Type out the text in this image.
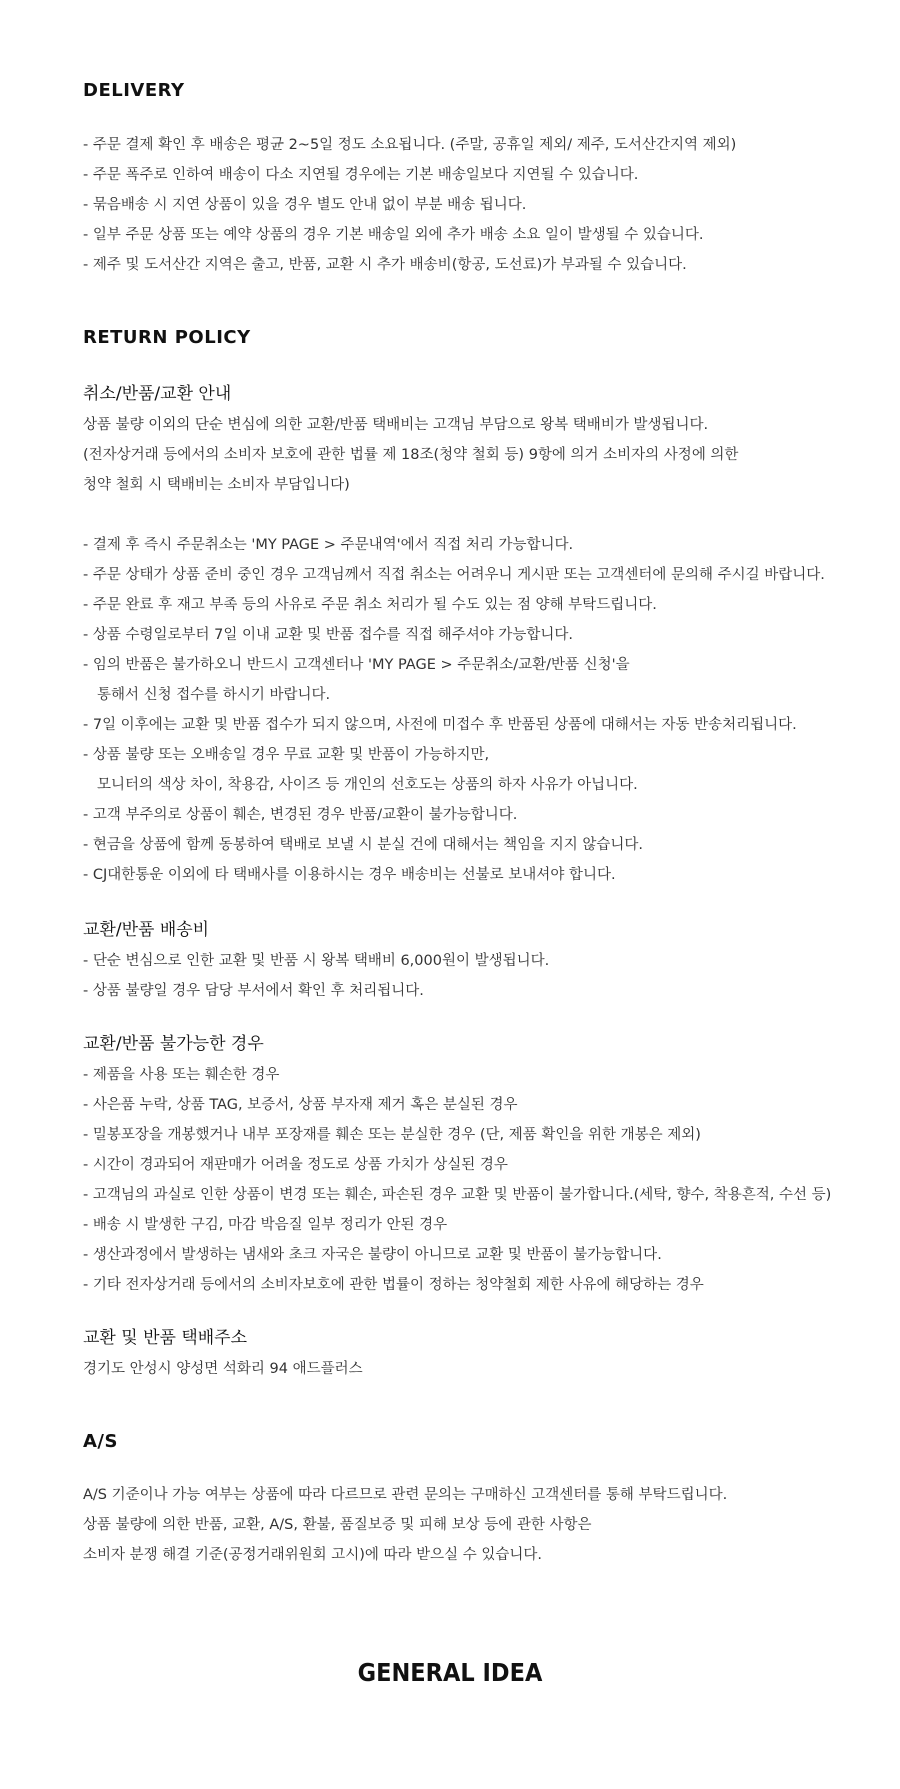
DELIVERY
- 주문 결제 확인 후 배송은 평균 2~5일 정도 소요됩니다. (주말, 공휴일 제외/ 제주, 도서산간지역 제외)
- 주문 폭주로 인하여 배송이 다소 지연될 경우에는 기본 배송일보다 지연될 수 있습니다.
- 묶음배송 시 지연 상품이 있을 경우 별도 안내 없이 부분 배송 됩니다.
- 일부 주문 상품 또는 예약 상품의 경우 기본 배송일 외에 추가 배송 소요 일이 발생될 수 있습니다.
- 제주 및 도서산간 지역은 출고, 반품, 교환 시 추가 배송비(항공, 도선료)가 부과될 수 있습니다.
RETURN POLICY
취소/반품/교환 안내
상품 불량 이외의 단순 변심에 의한 교환/반품 택배비는 고객님 부담으로 왕복 택배비가 발생됩니다.
(전자상거래 등에서의 소비자 보호에 관한 법률 제 18조(청약 철회 등) 9항에 의거 소비자의 사정에 의한
청약 철회 시 택배비는 소비자 부담입니다)
- 결제 후 즉시 주문취소는 'MY PAGE > 주문내역'에서 직접 처리 가능합니다.
- 주문 상태가 상품 준비 중인 경우 고객님께서 직접 취소는 어려우니 게시판 또는 고객센터에 문의해 주시길 바랍니다.
- 주문 완료 후 재고 부족 등의 사유로 주문 취소 처리가 될 수도 있는 점 양해 부탁드립니다.
- 상품 수령일로부터 7일 이내 교환 및 반품 접수를 직접 해주셔야 가능합니다.
- 임의 반품은 불가하오니 반드시 고객센터나 'MY PAGE > 주문취소/교환/반품 신청'을
통해서 신청 접수를 하시기 바랍니다.
- 7일 이후에는 교환 및 반품 접수가 되지 않으며, 사전에 미접수 후 반품된 상품에 대해서는 자동 반송처리됩니다.
- 상품 불량 또는 오배송일 경우 무료 교환 및 반품이 가능하지만,
모니터의 색상 차이, 착용감, 사이즈 등 개인의 선호도는 상품의 하자 사유가 아닙니다.
- 고객 부주의로 상품이 훼손, 변경된 경우 반품/교환이 불가능합니다.
- 현금을 상품에 함께 동봉하여 택배로 보낼 시 분실 건에 대해서는 책임을 지지 않습니다.
- CJ대한통운 이외에 타 택배사를 이용하시는 경우 배송비는 선불로 보내셔야 합니다.
교환/반품 배송비
- 단순 변심으로 인한 교환 및 반품 시 왕복 택배비 6,000원이 발생됩니다.
- 상품 불량일 경우 담당 부서에서 확인 후 처리됩니다.
교환/반품 불가능한 경우
- 제품을 사용 또는 훼손한 경우
- 사은품 누락, 상품 TAG, 보증서, 상품 부자재 제거 혹은 분실된 경우
- 밀봉포장을 개봉했거나 내부 포장재를 훼손 또는 분실한 경우 (단, 제품 확인을 위한 개봉은 제외)
- 시간이 경과되어 재판매가 어려울 정도로 상품 가치가 상실된 경우
- 고객님의 과실로 인한 상품이 변경 또는 훼손, 파손된 경우 교환 및 반품이 불가합니다.(세탁, 향수, 착용흔적, 수선 등)
- 배송 시 발생한 구김, 마감 박음질 일부 정리가 안된 경우
- 생산과정에서 발생하는 냄새와 초크 자국은 불량이 아니므로 교환 및 반품이 불가능합니다.
- 기타 전자상거래 등에서의 소비자보호에 관한 법률이 정하는 청약철회 제한 사유에 해당하는 경우
교환 및 반품 택배주소
경기도 안성시 양성면 석화리 94 애드플러스
A/S
A/S 기준이나 가능 여부는 상품에 따라 다르므로 관련 문의는 구매하신 고객센터를 통해 부탁드립니다.
상품 불량에 의한 반품, 교환, A/S, 환불, 품질보증 및 피해 보상 등에 관한 사항은
소비자 분쟁 해결 기준(공정거래위원회 고시)에 따라 받으실 수 있습니다.
GENERAL IDEA
